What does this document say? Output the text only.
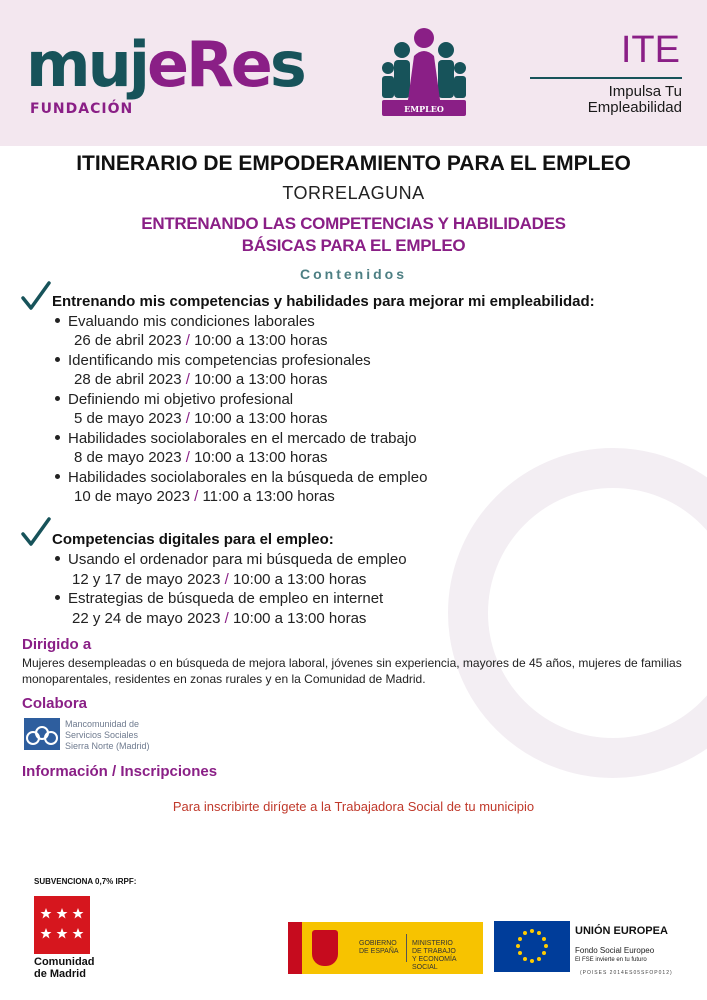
mujeRes
FUNDACIÓN	EMPLEO
ITE
Impulsa Tu
Empleabilidad
ITINERARIO DE EMPODERAMIENTO PARA EL EMPLEO
TORRELAGUNA
ENTRENANDO LAS COMPETENCIAS Y HABILIDADES
BÁSICAS PARA EL EMPLEO
Contenidos
Entrenando mis competencias y habilidades para mejorar mi empleabilidad:
Evaluando mis condiciones laborales
26 de abril 2023 / 10:00 a 13:00 horas
Identificando mis competencias profesionales
28 de abril 2023 / 10:00 a 13:00 horas
Definiendo mi objetivo profesional
5 de mayo 2023 / 10:00 a 13:00 horas
Habilidades sociolaborales en el mercado de trabajo
8 de mayo 2023 / 10:00 a 13:00 horas
Habilidades sociolaborales en la búsqueda de empleo
10 de mayo 2023 / 11:00 a 13:00 horas
Competencias digitales para el empleo:
Usando el ordenador para mi búsqueda de empleo
12 y 17 de mayo 2023 / 10:00 a 13:00 horas
Estrategias de búsqueda de empleo en internet
22 y 24 de mayo 2023 / 10:00 a 13:00 horas
Dirigido a
Mujeres desempleadas o en búsqueda de mejora laboral, jóvenes sin experiencia, mayores de 45 años, mujeres de familias monoparentales, residentes en zonas rurales y en la Comunidad de Madrid.
Colabora
Mancomunidad de
Servicios Sociales
Sierra Norte (Madrid)
Información / Inscripciones
Para inscribirte dirígete a la Trabajadora Social de tu municipio
SUBVENCIONA 0,7% IRPF:
Comunidad
de Madrid
GOBIERNO
DE ESPAÑA
MINISTERIO
DE TRABAJO
Y ECONOMÍA SOCIAL
UNIÓN EUROPEA
Fondo Social Europeo
El FSE invierte en tu futuro
(POISES 2014ES05SFOP012)
